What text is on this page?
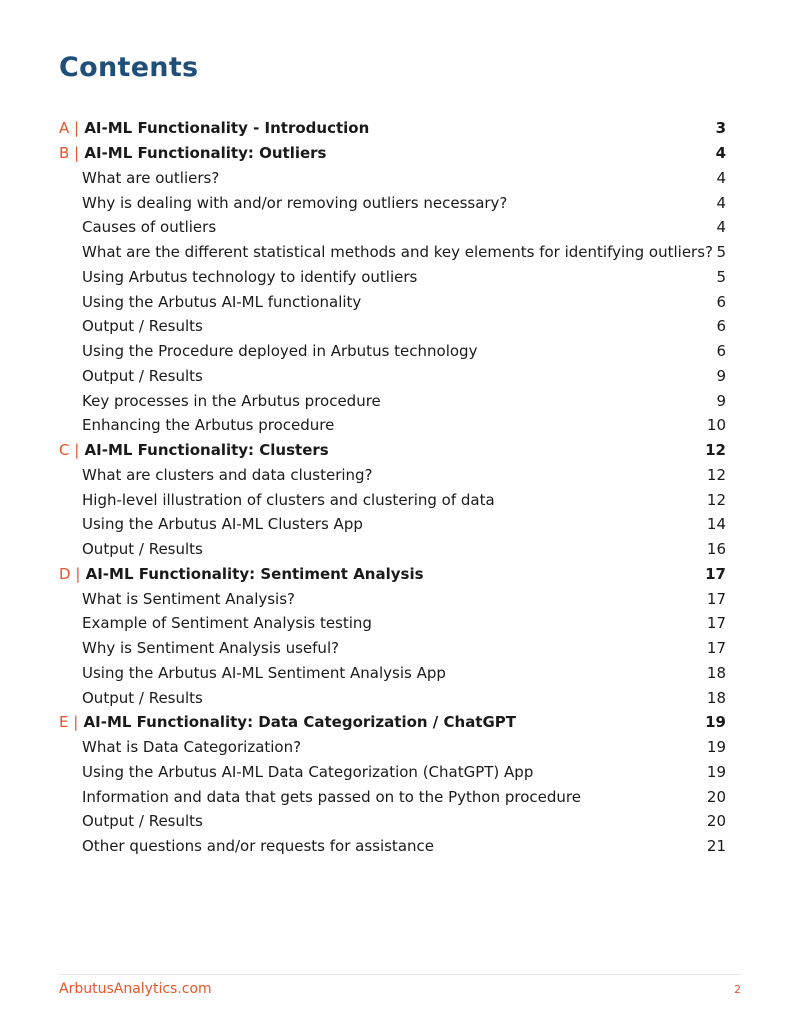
Contents
A | AI-ML Functionality - Introduction	3
B | AI-ML Functionality: Outliers	4
What are outliers?	4
Why is dealing with and/or removing outliers necessary?	4
Causes of outliers	4
What are the different statistical methods and key elements for identifying outliers? 5
Using Arbutus technology to identify outliers	5
Using the Arbutus AI-ML functionality	6
Output / Results	6
Using the Procedure deployed in Arbutus technology	6
Output / Results	9
Key processes in the Arbutus procedure	9
Enhancing the Arbutus procedure	10
C | AI-ML Functionality: Clusters	12
What are clusters and data clustering?	12
High-level illustration of clusters and clustering of data	12
Using the Arbutus AI-ML Clusters App	14
Output / Results	16
D | AI-ML Functionality: Sentiment Analysis	17
What is Sentiment Analysis?	17
Example of Sentiment Analysis testing	17
Why is Sentiment Analysis useful?	17
Using the Arbutus AI-ML Sentiment Analysis App	18
Output / Results	18
E | AI-ML Functionality: Data Categorization / ChatGPT	19
What is Data Categorization?	19
Using the Arbutus AI-ML Data Categorization (ChatGPT) App	19
Information and data that gets passed on to the Python procedure	20
Output / Results	20
Other questions and/or requests for assistance	21
ArbutusAnalytics.com	2
